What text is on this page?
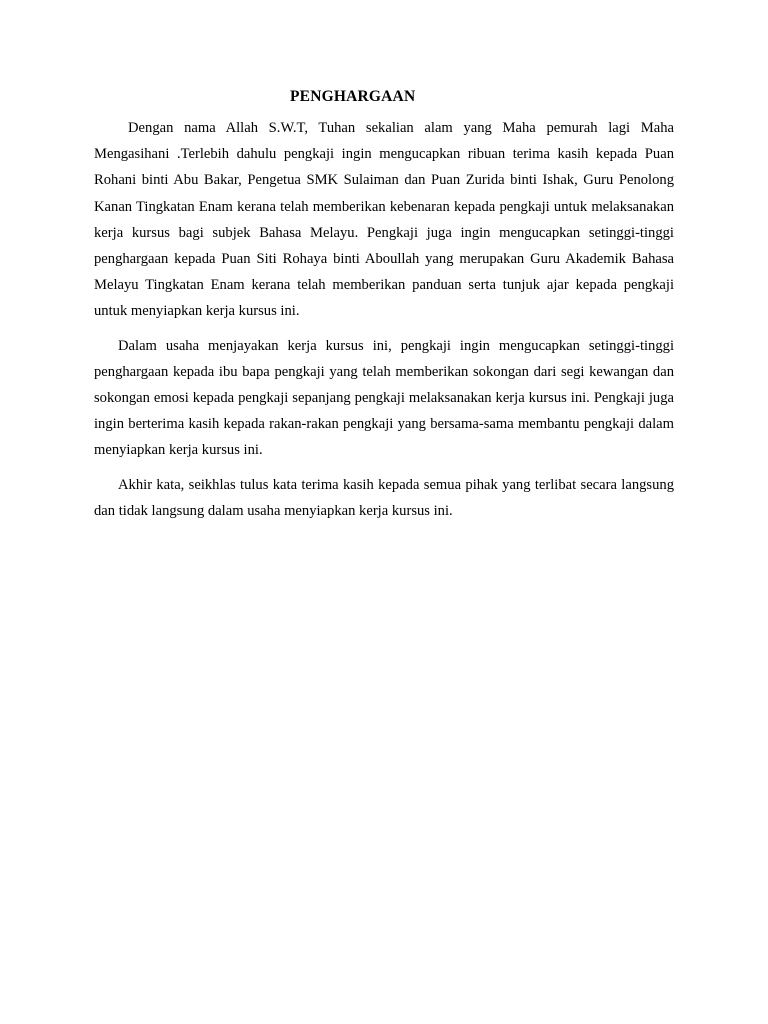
PENGHARGAAN

Dengan nama Allah S.W.T, Tuhan sekalian alam yang Maha pemurah lagi Maha Mengasihani .Terlebih dahulu pengkaji ingin mengucapkan ribuan terima kasih kepada Puan Rohani binti Abu Bakar, Pengetua SMK Sulaiman dan Puan Zurida binti Ishak, Guru Penolong Kanan Tingkatan Enam kerana telah memberikan kebenaran kepada pengkaji untuk melaksanakan kerja kursus bagi subjek Bahasa Melayu. Pengkaji juga ingin mengucapkan setinggi-tinggi penghargaan kepada Puan Siti Rohaya binti Aboullah yang merupakan Guru Akademik Bahasa Melayu Tingkatan Enam kerana telah memberikan panduan serta tunjuk ajar kepada pengkaji untuk menyiapkan kerja kursus ini.

Dalam usaha menjayakan kerja kursus ini, pengkaji ingin mengucapkan setinggi-tinggi penghargaan kepada ibu bapa pengkaji yang telah memberikan sokongan dari segi kewangan dan sokongan emosi kepada pengkaji sepanjang pengkaji melaksanakan kerja kursus ini. Pengkaji juga ingin berterima kasih kepada rakan-rakan pengkaji yang bersama-sama membantu pengkaji dalam menyiapkan kerja kursus ini.

Akhir kata, seikhlas tulus kata terima kasih kepada semua pihak yang terlibat secara langsung dan tidak langsung dalam usaha menyiapkan kerja kursus ini.
